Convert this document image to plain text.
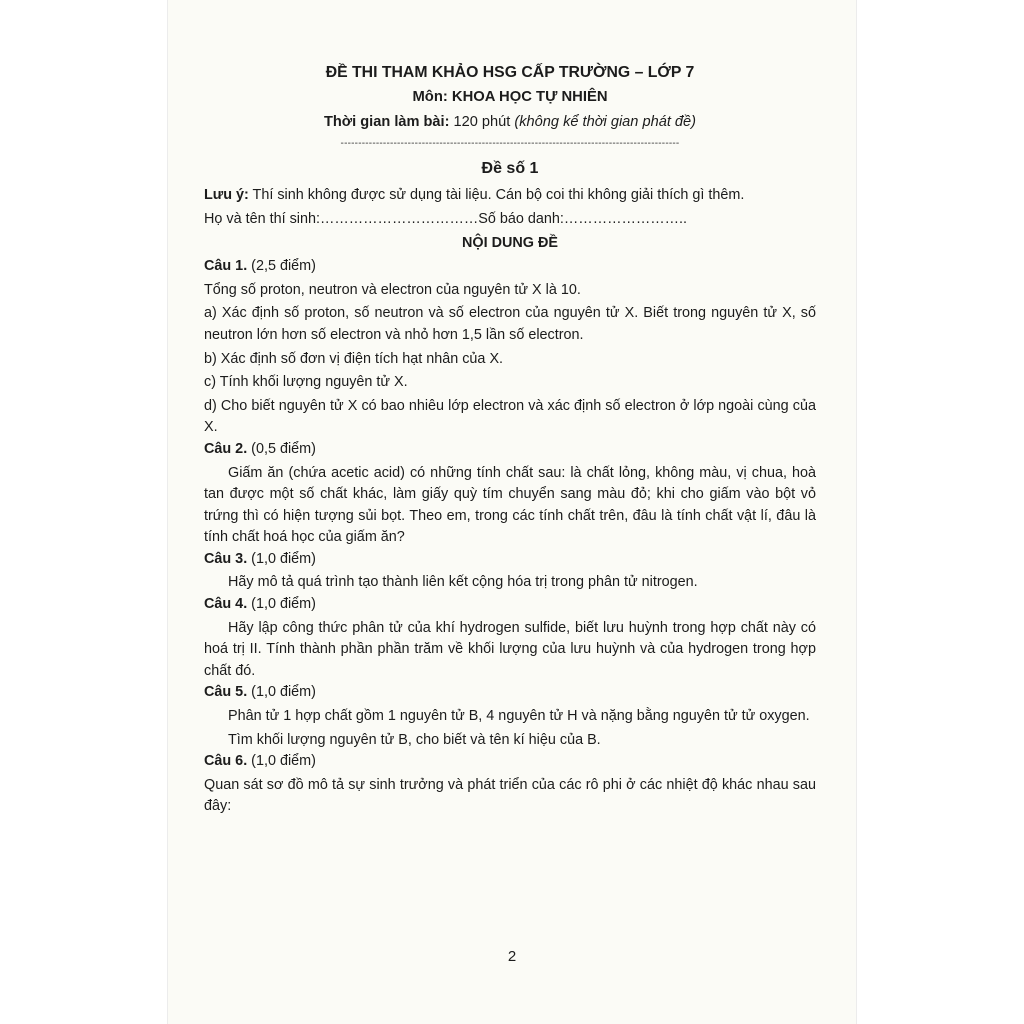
ĐỀ THI THAM KHẢO HSG CẤP TRƯỜNG – LỚP 7
Môn: KHOA HỌC TỰ NHIÊN
Thời gian làm bài: 120 phút (không kể thời gian phát đề)
------------------------------------------------------------------------------------------------
Đề số 1

Lưu ý: Thí sinh không được sử dụng tài liệu. Cán bộ coi thi không giải thích gì thêm.

Họ và tên thí sinh:……………………………Số báo danh:……………………..

NỘI DUNG ĐỀ

Câu 1. (2,5 điểm)

Tổng số proton, neutron và electron của nguyên tử X là 10.

a) Xác định số proton, số neutron và số electron của nguyên tử X. Biết trong nguyên tử X, số neutron lớn hơn số electron và nhỏ hơn 1,5 lần số electron.

b) Xác định số đơn vị điện tích hạt nhân của X.

c) Tính khối lượng nguyên tử X.

d) Cho biết nguyên tử X có bao nhiêu lớp electron và xác định số electron ở lớp ngoài cùng của X.

Câu 2. (0,5 điểm)

Giấm ăn (chứa acetic acid) có những tính chất sau: là chất lỏng, không màu, vị chua, hoà tan được một số chất khác, làm giấy quỳ tím chuyển sang màu đỏ; khi cho giấm vào bột vỏ trứng thì có hiện tượng sủi bọt. Theo em, trong các tính chất trên, đâu là tính chất vật lí, đâu là tính chất hoá học của giấm ăn?

Câu 3. (1,0 điểm)

Hãy mô tả quá trình tạo thành liên kết cộng hóa trị trong phân tử nitrogen.

Câu 4. (1,0 điểm)

Hãy lập công thức phân tử của khí hydrogen sulfide, biết lưu huỳnh trong hợp chất này có hoá trị II. Tính thành phần phần trăm về khối lượng của lưu huỳnh và của hydrogen trong hợp chất đó.

Câu 5. (1,0 điểm)

Phân tử 1 hợp chất gồm 1 nguyên tử B, 4 nguyên tử H và nặng bằng nguyên tử tử oxygen.

Tìm khối lượng nguyên tử B, cho biết và tên kí hiệu của B.

Câu 6. (1,0 điểm)

Quan sát sơ đồ mô tả sự sinh trưởng và phát triển của các rô phi ở các nhiệt độ khác nhau sau đây:

2
